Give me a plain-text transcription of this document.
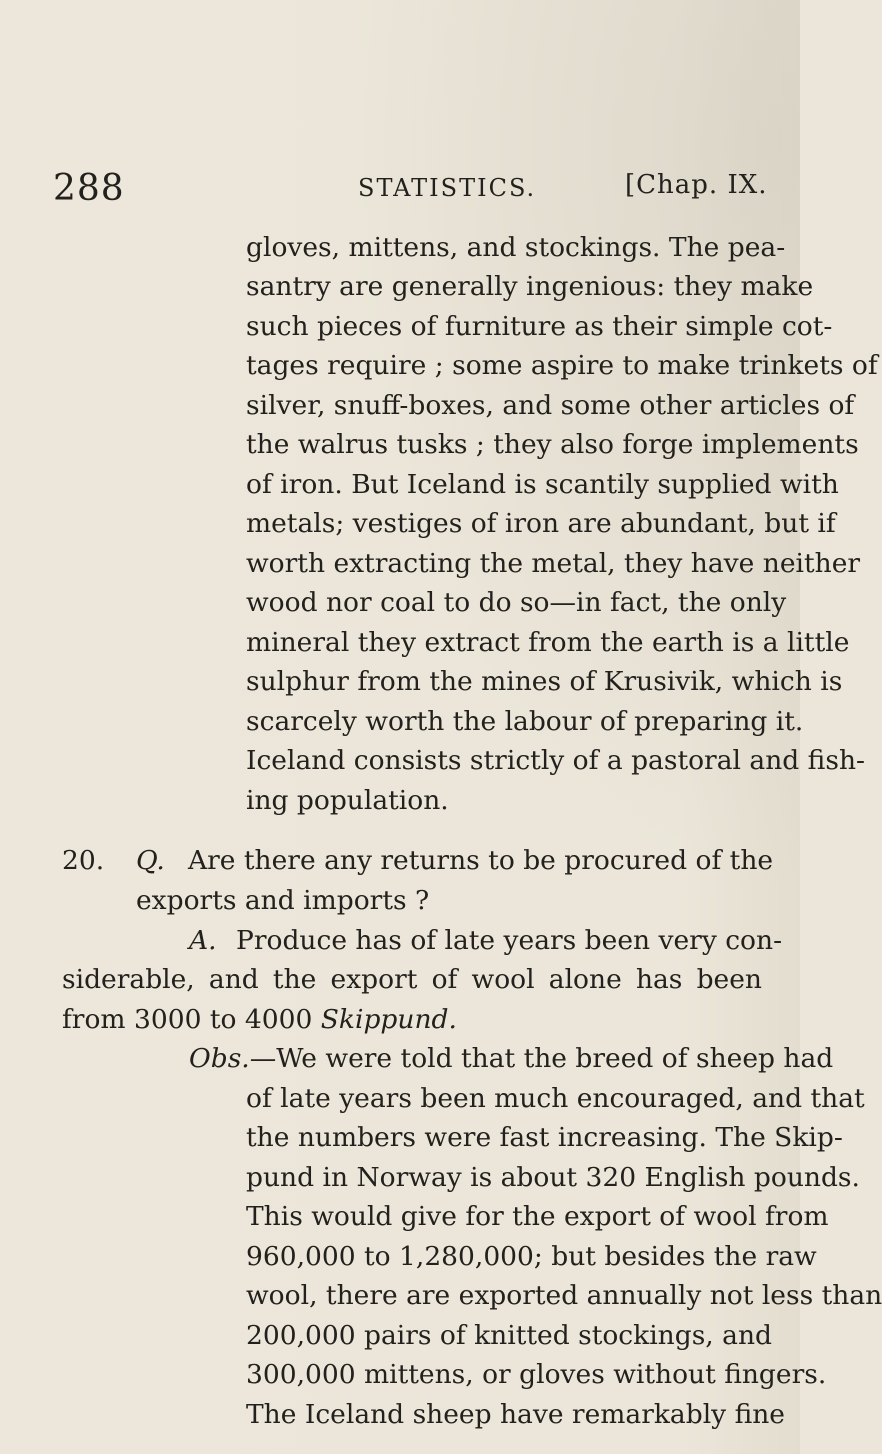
288	STATISTICS.	[Chap. IX.
gloves, mittens, and stockings. The pea-
santry are generally ingenious: they make
such pieces of furniture as their simple cot-
tages require ; some aspire to make trinkets of
silver, snuff-boxes, and some other articles of
the walrus tusks ; they also forge implements
of iron. But Iceland is scantily supplied with
metals; vestiges of iron are abundant, but if
worth extracting the metal, they have neither
wood nor coal to do so—in fact, the only
mineral they extract from the earth is a little
sulphur from the mines of Krusivik, which is
scarcely worth the labour of preparing it.
Iceland consists strictly of a pastoral and fish-
ing population.
20. Q. Are there any returns to be procured of the
exports and imports ?
A. Produce has of late years been very con-
siderable, and the export of wool alone has been
from 3000 to 4000 Skippund.
Obs.—We were told that the breed of sheep had
of late years been much encouraged, and that
the numbers were fast increasing. The Skip-
pund in Norway is about 320 English pounds.
This would give for the export of wool from
960,000 to 1,280,000; but besides the raw
wool, there are exported annually not less than
200,000 pairs of knitted stockings, and
300,000 mittens, or gloves without fingers.
The Iceland sheep have remarkably fine
